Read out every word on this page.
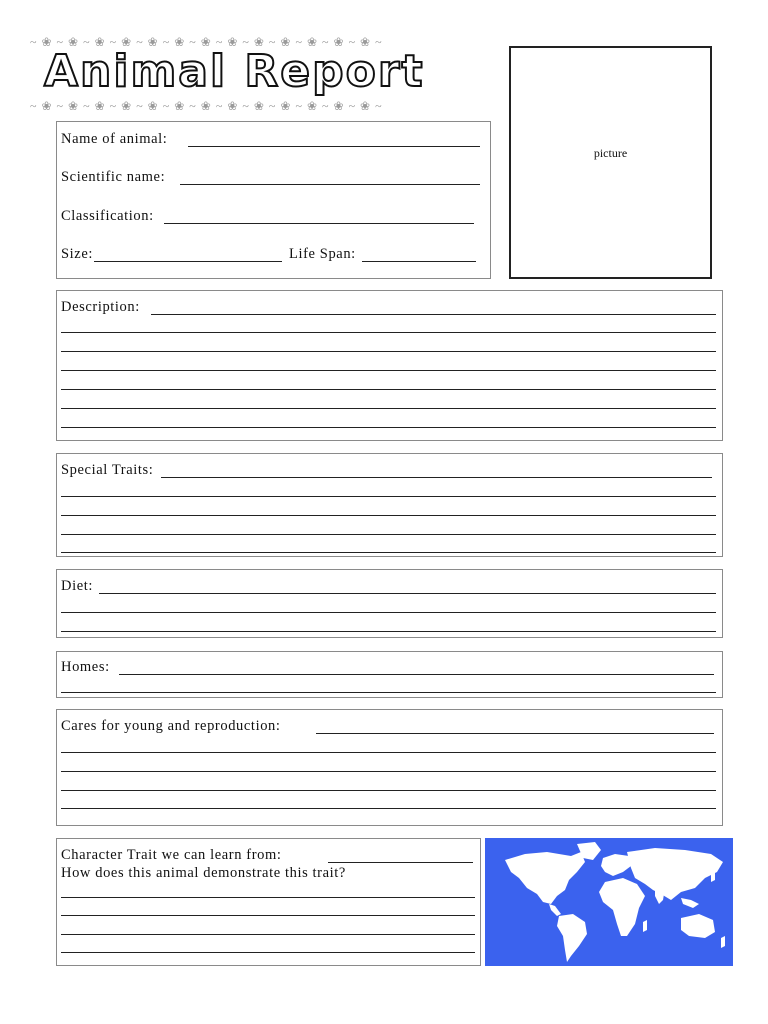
~ ❀ ~ ❀ ~ ❀ ~ ❀ ~ ❀ ~ ❀ ~ ❀ ~ ❀ ~ ❀ ~ ❀ ~ ❀ ~ ❀ ~ ❀ ~
~ ❀ ~ ❀ ~ ❀ ~ ❀ ~ ❀ ~ ❀ ~ ❀ ~ ❀ ~ ❀ ~ ❀ ~ ❀ ~ ❀ ~ ❀ ~
Animal Report
picture
Name of animal:
Scientific name:
Classification:
Size:	Life Span:
Description:
Special Traits:
Diet:
Homes:
Cares for young and reproduction:
Character Trait we can learn from:
How does this animal demonstrate this trait?
